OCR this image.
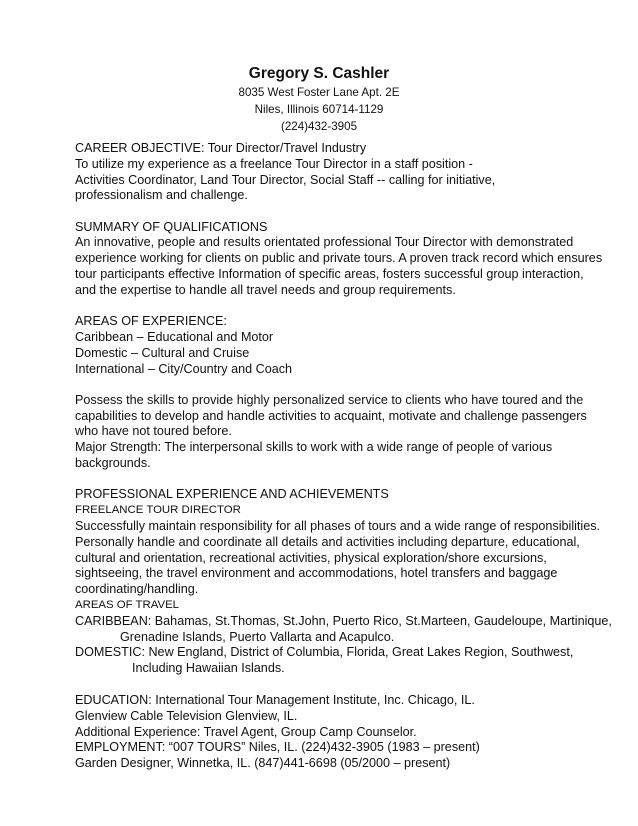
Gregory S. Cashler
8035 West Foster Lane Apt. 2E
Niles, Illinois 60714-1129
(224)432-3905
CAREER OBJECTIVE: Tour Director/Travel Industry
To utilize my experience as a freelance Tour Director in a staff position -
Activities Coordinator, Land Tour Director, Social Staff -- calling for initiative,
professionalism and challenge.
SUMMARY OF QUALIFICATIONS
An innovative, people and results orientated professional Tour Director with demonstrated
experience working for clients on public and private tours. A proven track record which ensures
tour participants effective Information of specific areas, fosters successful group interaction,
and the expertise to handle all travel needs and group requirements.
AREAS OF EXPERIENCE:
Caribbean – Educational and Motor
Domestic – Cultural and Cruise
International – City/Country and Coach
Possess the skills to provide highly personalized service to clients who have toured and the
capabilities to develop and handle activities to acquaint, motivate and challenge passengers
who have not toured before.
Major Strength: The interpersonal skills to work with a wide range of people of various
backgrounds.
PROFESSIONAL EXPERIENCE AND ACHIEVEMENTS
FREELANCE TOUR DIRECTOR
Successfully maintain responsibility for all phases of tours and a wide range of responsibilities.
Personally handle and coordinate all details and activities including departure, educational,
cultural and orientation, recreational activities, physical exploration/shore excursions,
sightseeing, the travel environment and accommodations, hotel transfers and baggage
coordinating/handling.
AREAS OF TRAVEL
CARIBBEAN: Bahamas, St.Thomas, St.John, Puerto Rico, St.Marteen, Gaudeloupe, Martinique,
Grenadine Islands, Puerto Vallarta and Acapulco.
DOMESTIC: New England, District of Columbia, Florida, Great Lakes Region, Southwest,
Including Hawaiian Islands.
EDUCATION: International Tour Management Institute, Inc. Chicago, IL.
Glenview Cable Television Glenview, IL.
Additional Experience: Travel Agent, Group Camp Counselor.
EMPLOYMENT: “007 TOURS” Niles, IL. (224)432-3905 (1983 – present)
Garden Designer, Winnetka, IL. (847)441-6698 (05/2000 – present)
